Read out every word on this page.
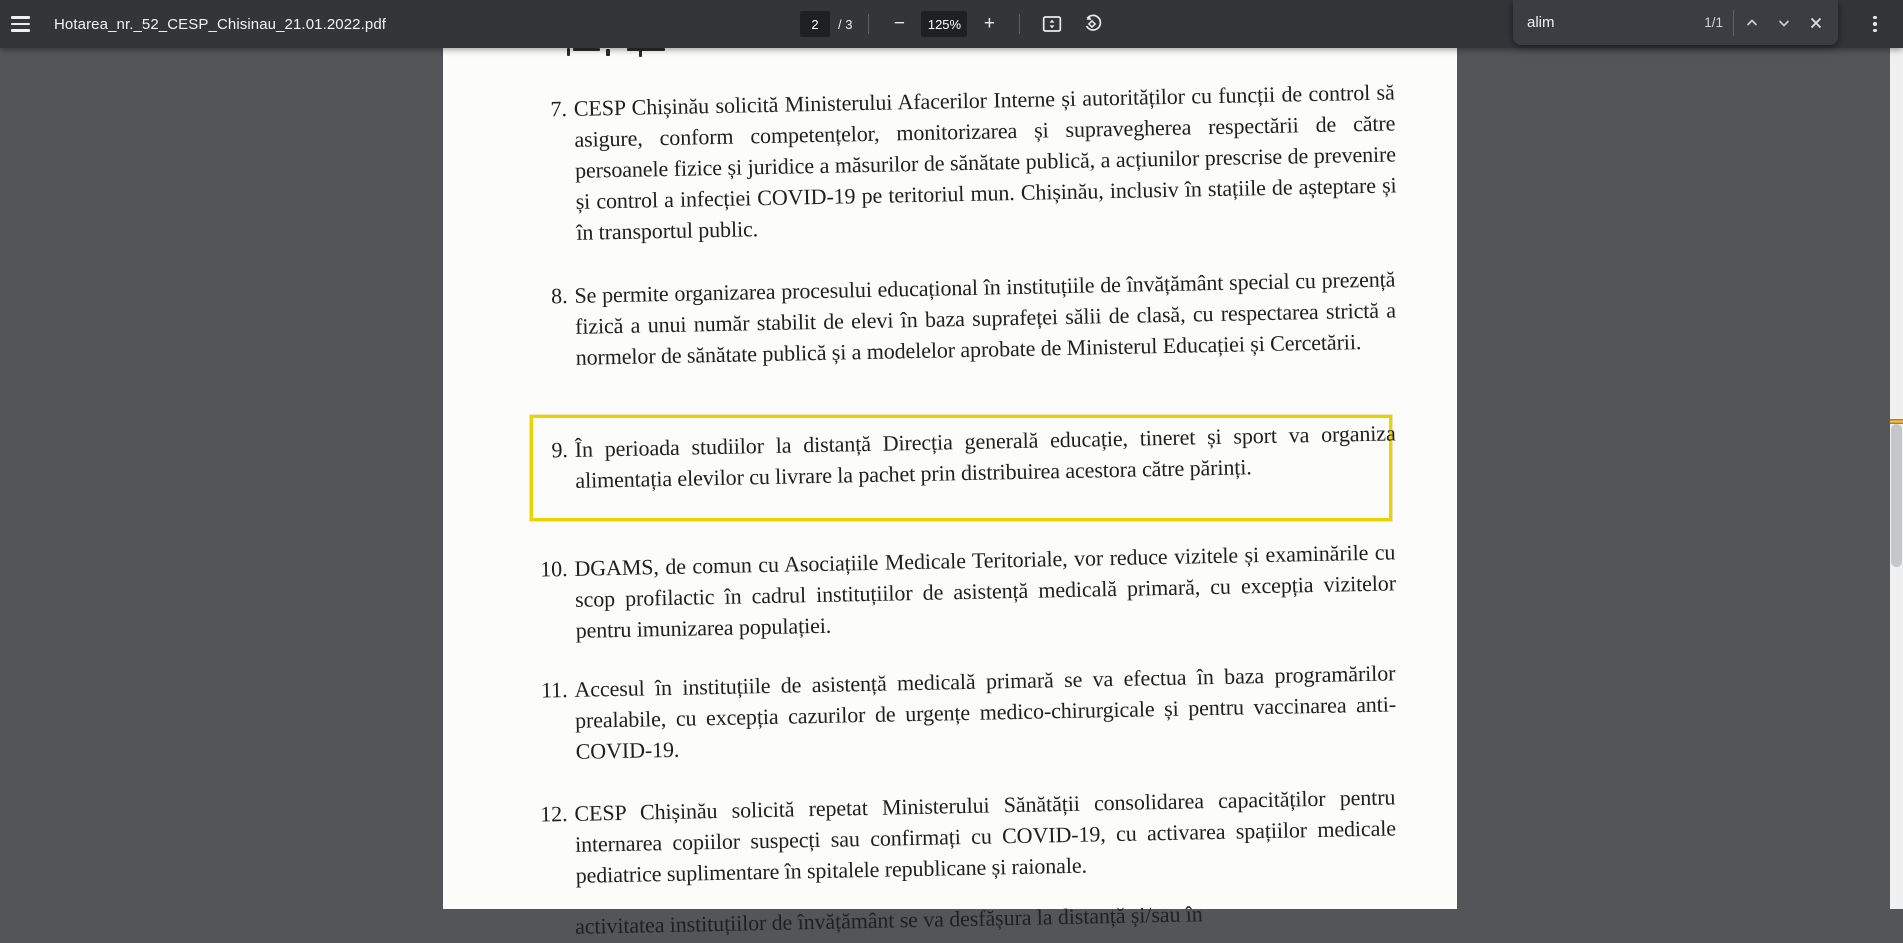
7. CESP Chișinău solicită Ministerului Afacerilor Interne și autorităților cu funcții de control să asigure, conform competențelor, monitorizarea și supravegherea respectării de către persoanele fizice și juridice a măsurilor de sănătate publică, a acțiunilor prescrise de prevenire și control a infecției COVID-19 pe teritoriul mun. Chișinău, inclusiv în stațiile de așteptare și în transportul public.
8. Se permite organizarea procesului educațional în instituțiile de învățământ special cu prezență fizică a unui număr stabilit de elevi în baza suprafeței sălii de clasă, cu respectarea strictă a normelor de sănătate publică și a modelelor aprobate de Ministerul Educației și Cercetării.
9. În perioada studiilor la distanță Direcția generală educație, tineret și sport va organiza alimentația elevilor cu livrare la pachet prin distribuirea acestora către părinți.
10. DGAMS, de comun cu Asociațiile Medicale Teritoriale, vor reduce vizitele și examinările cu scop profilactic în cadrul instituțiilor de asistență medicală primară, cu excepția vizitelor pentru imunizarea populației.
11. Accesul în instituțiile de asistență medicală primară se va efectua în baza programărilor prealabile, cu excepția cazurilor de urgențe medico-chirurgicale și pentru vaccinarea anti-COVID-19.
12. CESP Chișinău solicită repetat Ministerului Sănătății consolidarea capacităților pentru internarea copiilor suspecți sau confirmați cu COVID-19, cu activarea spațiilor medicale pediatrice suplimentare în spitalele republicane și raionale.
activitatea instituțiilor de învățământ se va desfășura la distanță și/sau în
Hotarea_nr._52_CESP_Chisinau_21.01.2022.pdf
2	/ 3	−	125%	+
alim	1/1
